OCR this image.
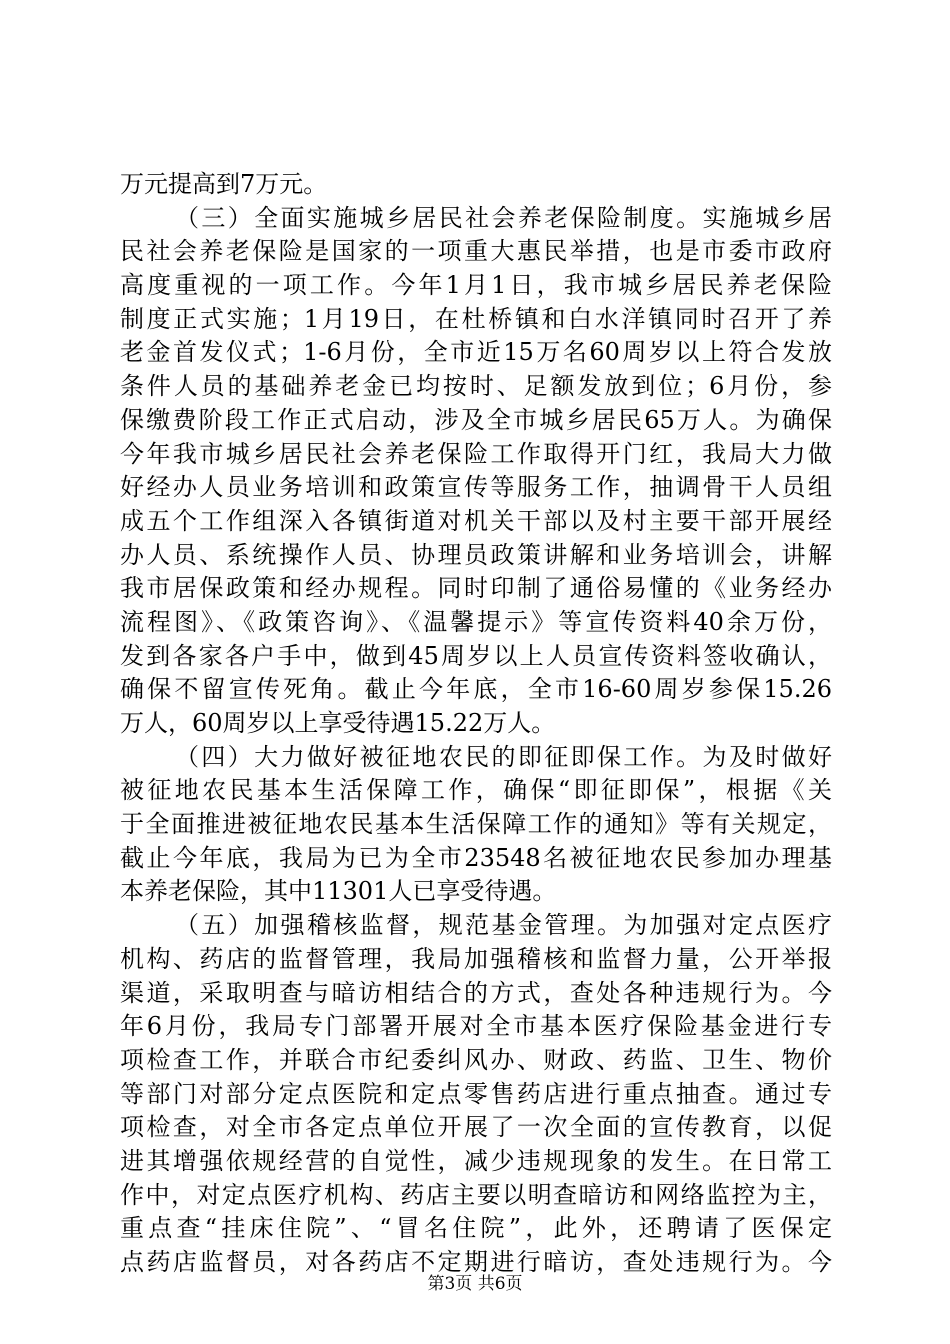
万元提高到7万元。
（三）全面实施城乡居民社会养老保险制度。实施城乡居
民社会养老保险是国家的一项重大惠民举措，也是市委市政府
高度重视的一项工作。今年1月1日，我市城乡居民养老保险
制度正式实施；1月19日，在杜桥镇和白水洋镇同时召开了养
老金首发仪式；1-6月份，全市近15万名60周岁以上符合发放
条件人员的基础养老金已均按时、足额发放到位；6月份，参
保缴费阶段工作正式启动，涉及全市城乡居民65万人。为确保
今年我市城乡居民社会养老保险工作取得开门红，我局大力做
好经办人员业务培训和政策宣传等服务工作，抽调骨干人员组
成五个工作组深入各镇街道对机关干部以及村主要干部开展经
办人员、系统操作人员、协理员政策讲解和业务培训会，讲解
我市居保政策和经办规程。同时印制了通俗易懂的《业务经办
流程图》、《政策咨询》、《温馨提示》等宣传资料40余万份，
发到各家各户手中，做到45周岁以上人员宣传资料签收确认，
确保不留宣传死角。截止今年底，全市16-60周岁参保15.26
万人，60周岁以上享受待遇15.22万人。
（四）大力做好被征地农民的即征即保工作。为及时做好
被征地农民基本生活保障工作，确保“即征即保”，根据《关
于全面推进被征地农民基本生活保障工作的通知》等有关规定，
截止今年底，我局为已为全市23548名被征地农民参加办理基
本养老保险，其中11301人已享受待遇。
（五）加强稽核监督，规范基金管理。为加强对定点医疗
机构、药店的监督管理，我局加强稽核和监督力量，公开举报
渠道，采取明查与暗访相结合的方式，查处各种违规行为。今
年6月份，我局专门部署开展对全市基本医疗保险基金进行专
项检查工作，并联合市纪委纠风办、财政、药监、卫生、物价
等部门对部分定点医院和定点零售药店进行重点抽查。通过专
项检查，对全市各定点单位开展了一次全面的宣传教育，以促
进其增强依规经营的自觉性，减少违规现象的发生。在日常工
作中，对定点医疗机构、药店主要以明查暗访和网络监控为主，
重点查“挂床住院”、“冒名住院”，此外，还聘请了医保定
点药店监督员，对各药店不定期进行暗访，查处违规行为。今
第3页 共6页
